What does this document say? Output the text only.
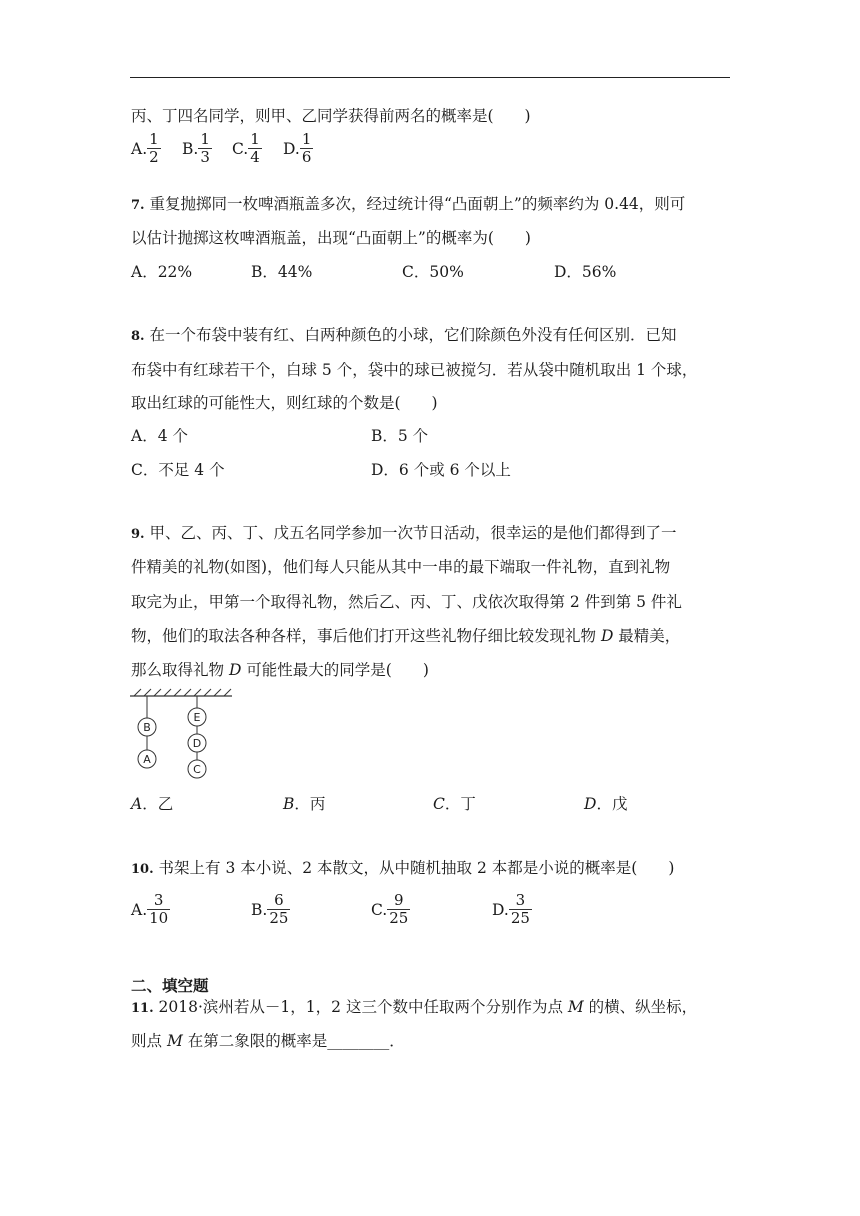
丙、丁四名同学，则甲、乙同学获得前两名的概率是(　　)
A. $\frac{1}{2} B$. $\frac{1}{3} C$. $\frac{1}{4} D$. $\frac{1}{6}$
7. 重复抛掷同一枚啤酒瓶盖多次，经过统计得“凸面朝上”的频率约为 0.44，则可
以估计抛掷这枚啤酒瓶盖，出现“凸面朝上”的概率为(　　)
A．22%	B．44%	C．50%	D．56%
8. 在一个布袋中装有红、白两种颜色的小球，它们除颜色外没有任何区别．已知
布袋中有红球若干个，白球 5 个，袋中的球已被搅匀．若从袋中随机取出 1 个球，
取出红球的可能性大，则红球的个数是(　　)
A．4 个	B．5 个
C．不足 4 个	D．6 个或 6 个以上
9. 甲、乙、丙、丁、戊五名同学参加一次节日活动，很幸运的是他们都得到了一
件精美的礼物(如图)，他们每人只能从其中一串的最下端取一件礼物，直到礼物
取完为止，甲第一个取得礼物，然后乙、丙、丁、戊依次取得第 2 件到第 5 件礼
物，他们的取法各种各样，事后他们打开这些礼物仔细比较发现礼物 D 最精美，
那么取得礼物 D 可能性最大的同学是(　　)
B
A
E
D
C
A．乙	B．丙	C．丁	D．戊
10. 书架上有 3 本小说、2 本散文，从中随机抽取 2 本都是小说的概率是(　　)
A. $\frac{3}{10}$	B. $\frac{6}{25}$	C. $\frac{9}{25}$	D. $\frac{3}{25}$
二、填空题
11. 2018·滨州若从－1，1，2 这三个数中任取两个分别作为点 M 的横、纵坐标，
则点 M 在第二象限的概率是________．
